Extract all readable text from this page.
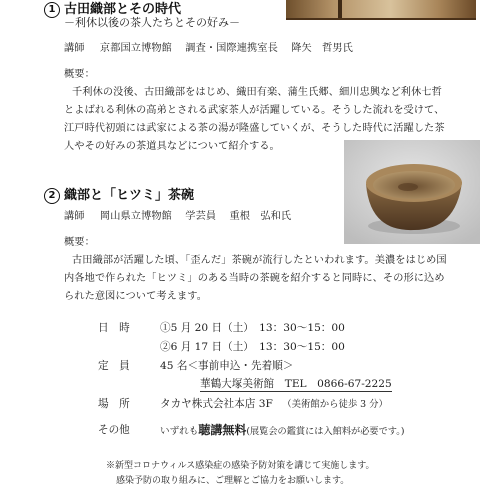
1 古田織部とその時代
－利休以後の茶人たちとその好み－
講師 京都国立博物館 調査・国際連携室長 降矢　哲男氏
概要：
千利休の没後、古田織部をはじめ、織田有楽、蒲生氏郷、細川忠興など利休七哲
とよばれる利休の高弟とされる武家茶人が活躍している。そうした流れを受けて、
江戸時代初頭には武家による茶の湯が隆盛していくが、そうした時代に活躍した茶
人やその好みの茶道具などについて紹介する。
2 織部と「ヒツミ」茶碗
講師 岡山県立博物館 学芸員 重根　弘和氏
概要：
古田織部が活躍した頃、「歪んだ」茶碗が流行したといわれます。美濃をはじめ国
内各地で作られた「ヒツミ」のある当時の茶碗を紹介すると同時に、その形に込め
られた意図について考えます。
日　時	①5 月 20 日（土）　13：30～15：00
②6 月 17 日（土）　13：30～15：00
定　員	45 名＜事前申込・先着順＞
華鶴大塚美術館　TEL　0866-67-2225
場　所	タカヤ株式会社本店 3F （美術館から徒歩 3 分）
その他	いずれも聴講無料(展覧会の鑑賞には入館料が必要です。)
※新型コロナウィルス感染症の感染予防対策を講じて実施します。
感染予防の取り組みに、ご理解とご協力をお願いします。
